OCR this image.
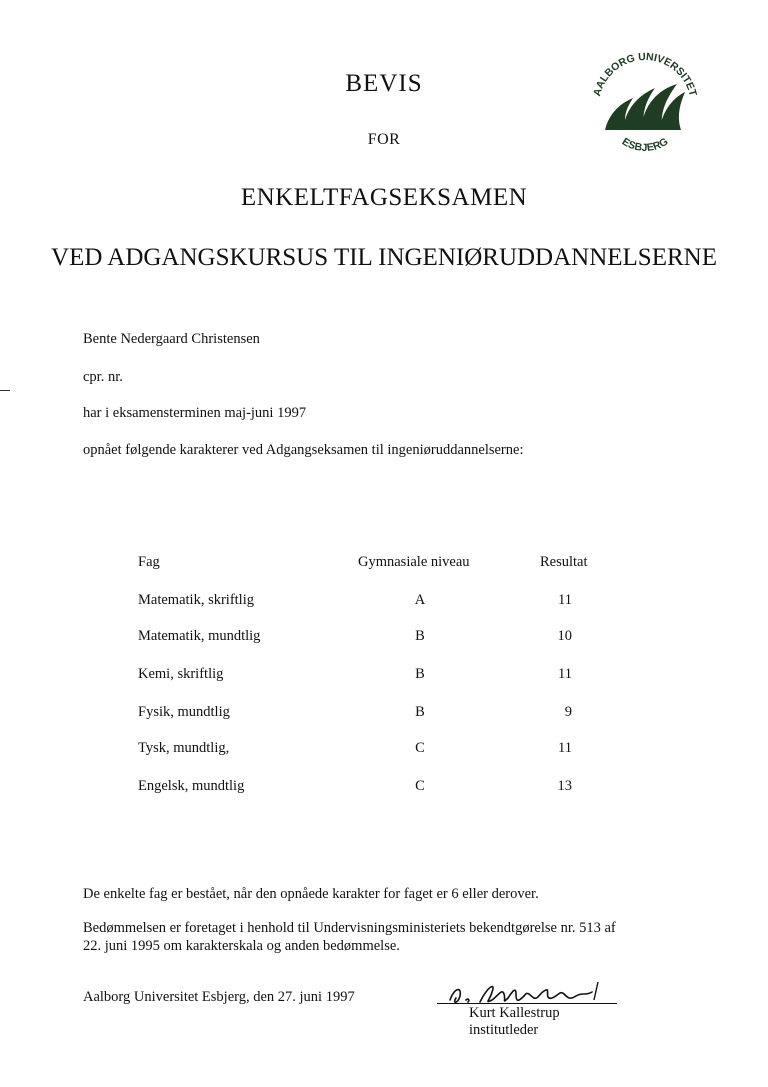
AALBORG UNIVERSITET
ESBJERG
BEVIS
FOR
ENKELTFAGSEKSAMEN
VED ADGANGSKURSUS TIL INGENIØRUDDANNELSERNE
Bente Nedergaard Christensen
cpr. nr.
har i eksamensterminen maj-juni 1997
opnået følgende karakterer ved Adgangseksamen til ingeniøruddannelserne:
Fag	Gymnasiale niveau	Resultat
Matematik, skriftlig	A	11
Matematik, mundtlig	B	10
Kemi, skriftlig	B	11
Fysik, mundtlig	B	9
Tysk, mundtlig,	C	11
Engelsk, mundtlig	C	13
De enkelte fag er bestået, når den opnåede karakter for faget er 6 eller derover.
Bedømmelsen er foretaget i henhold til Undervisningsministeriets bekendtgørelse nr. 513 af
22. juni 1995 om karakterskala og anden bedømmelse.
Aalborg Universitet Esbjerg, den 27. juni 1997
Kurt Kallestrup
institutleder
